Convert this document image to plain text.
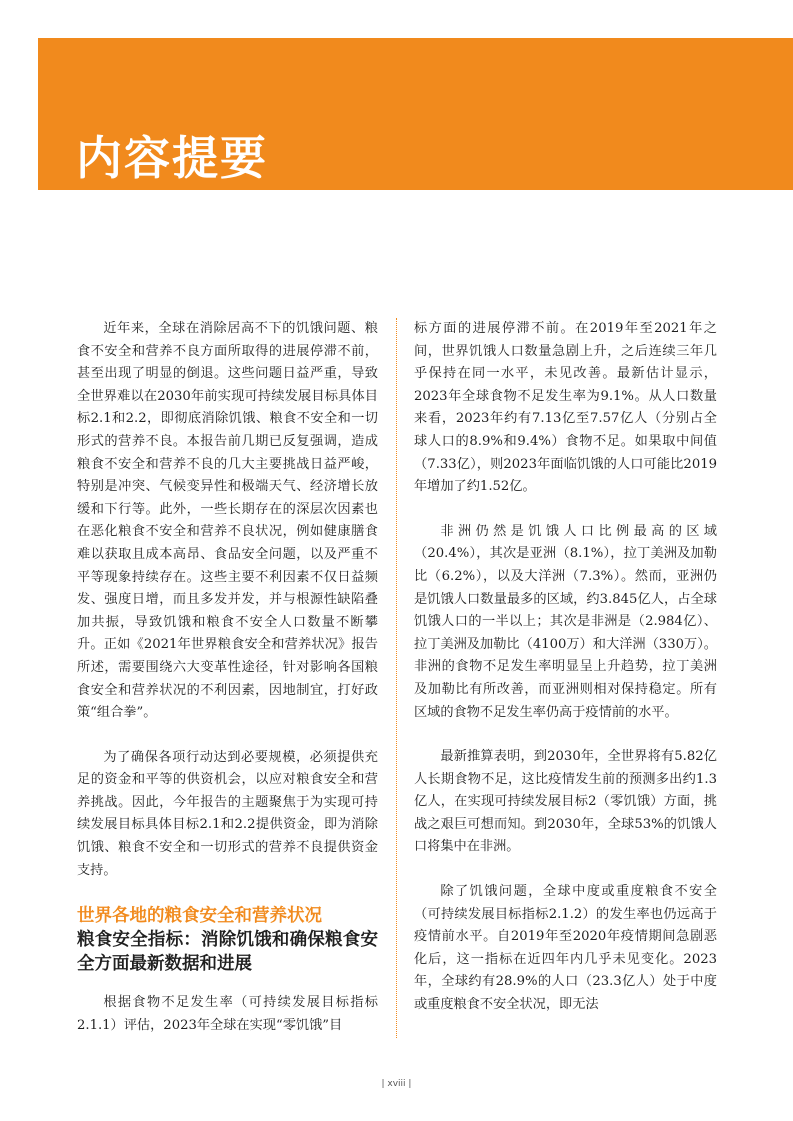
内容提要

近年来，全球在消除居高不下的饥饿问题、粮食不安全和营养不良方面所取得的进展停滞不前，甚至出现了明显的倒退。这些问题日益严重，导致全世界难以在2030年前实现可持续发展目标具体目标2.1和2.2，即彻底消除饥饿、粮食不安全和一切形式的营养不良。本报告前几期已反复强调，造成粮食不安全和营养不良的几大主要挑战日益严峻，特别是冲突、气候变异性和极端天气、经济增长放缓和下行等。此外，一些长期存在的深层次因素也在恶化粮食不安全和营养不良状况，例如健康膳食难以获取且成本高昂、食品安全问题，以及严重不平等现象持续存在。这些主要不利因素不仅日益频发、强度日增，而且多发并发，并与根源性缺陷叠加共振，导致饥饿和粮食不安全人口数量不断攀升。正如《2021年世界粮食安全和营养状况》报告所述，需要围绕六大变革性途径，针对影响各国粮食安全和营养状况的不利因素，因地制宜，打好政策“组合拳”。

为了确保各项行动达到必要规模，必须提供充足的资金和平等的供资机会，以应对粮食安全和营养挑战。因此，今年报告的主题聚焦于为实现可持续发展目标具体目标2.1和2.2提供资金，即为消除饥饿、粮食不安全和一切形式的营养不良提供资金支持。

世界各地的粮食安全和营养状况
粮食安全指标：消除饥饿和确保粮食安全方面最新数据和进展

根据食物不足发生率（可持续发展目标指标2.1.1）评估，2023年全球在实现“零饥饿”目

标方面的进展停滞不前。在2019年至2021年之间，世界饥饿人口数量急剧上升，之后连续三年几乎保持在同一水平，未见改善。最新估计显示，2023年全球食物不足发生率为9.1%。从人口数量来看，2023年约有7.13亿至7.57亿人（分别占全球人口的8.9%和9.4%）食物不足。如果取中间值（7.33亿），则2023年面临饥饿的人口可能比2019年增加了约1.52亿。

非洲仍然是饥饿人口比例最高的区域（20.4%），其次是亚洲（8.1%），拉丁美洲及加勒比（6.2%），以及大洋洲（7.3%）。然而，亚洲仍是饥饿人口数量最多的区域，约3.845亿人，占全球饥饿人口的一半以上；其次是非洲是（2.984亿）、拉丁美洲及加勒比（4100万）和大洋洲（330万）。非洲的食物不足发生率明显呈上升趋势，拉丁美洲及加勒比有所改善，而亚洲则相对保持稳定。所有区域的食物不足发生率仍高于疫情前的水平。

最新推算表明，到2030年，全世界将有5.82亿人长期食物不足，这比疫情发生前的预测多出约1.3亿人，在实现可持续发展目标2（零饥饿）方面，挑战之艰巨可想而知。到2030年，全球53%的饥饿人口将集中在非洲。

除了饥饿问题，全球中度或重度粮食不安全（可持续发展目标指标2.1.2）的发生率也仍远高于疫情前水平。自2019年至2020年疫情期间急剧恶化后，这一指标在近四年内几乎未见变化。2023年，全球约有28.9%的人口（23.3亿人）处于中度或重度粮食不安全状况，即无法

| xviii |
